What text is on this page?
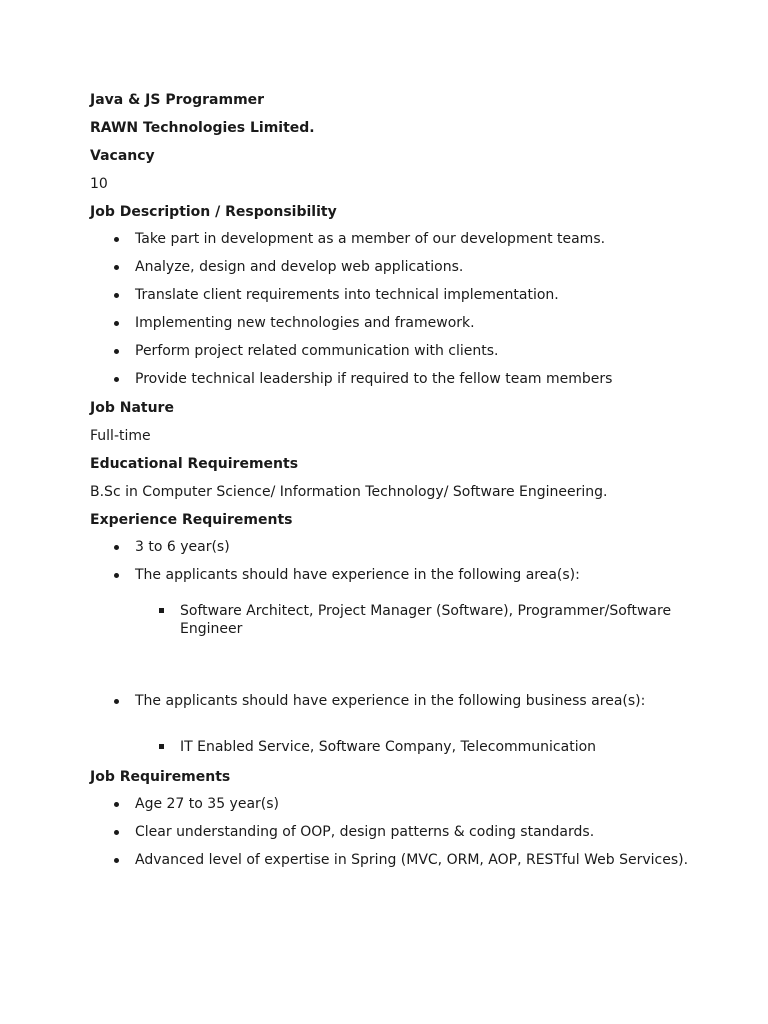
Java & JS Programmer
RAWN Technologies Limited.
Vacancy
10
Job Description / Responsibility
Take part in development as a member of our development teams.
Analyze, design and develop web applications.
Translate client requirements into technical implementation.
Implementing new technologies and framework.
Perform project related communication with clients.
Provide technical leadership if required to the fellow team members
Job Nature
Full-time
Educational Requirements
B.Sc in Computer Science/ Information Technology/ Software Engineering.
Experience Requirements
3 to 6 year(s)
The applicants should have experience in the following area(s):
Software Architect, Project Manager (Software), Programmer/Software Engineer
The applicants should have experience in the following business area(s):
IT Enabled Service, Software Company, Telecommunication
Job Requirements
Age 27 to 35 year(s)
Clear understanding of OOP, design patterns & coding standards.
Advanced level of expertise in Spring (MVC, ORM, AOP, RESTful Web Services).
